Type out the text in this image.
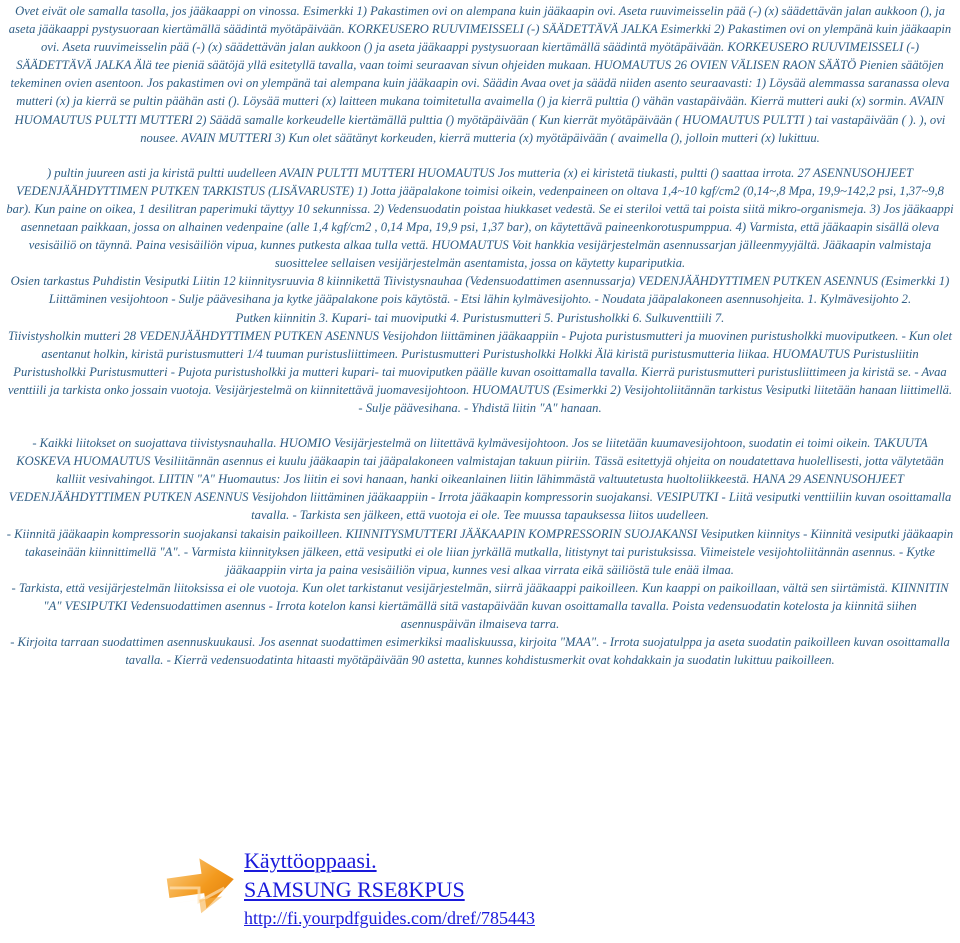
Ovet eivät ole samalla tasolla, jos jääkaappi on vinossa. Esimerkki 1) Pakastimen ovi on alempana kuin jääkaapin ovi. Aseta ruuvimeisselin pää (-) (x) säädettävän jalan aukkoon (), ja aseta jääkaappi pystysuoraan kiertämällä säädintä myötäpäivään. KORKEUSERO RUUVIMEISSELI (-) SÄÄDETTÄVÄ JALKA Esimerkki 2) Pakastimen ovi on ylempänä kuin jääkaapin ovi. Aseta ruuvimeisselin pää (-) (x) säädettävän jalan aukkoon () ja aseta jääkaappi pystysuoraan kiertämällä säädintä myötäpäivään. KORKEUSERO RUUVIMEISSELI (-) SÄÄDETTÄVÄ JALKA Älä tee pieniä säätöjä yllä esitetyllä tavalla, vaan toimi seuraavan sivun ohjeiden mukaan. HUOMAUTUS 26 OVIEN VÄLISEN RAON SÄÄTÖ Pienien säätöjen tekeminen ovien asentoon. Jos pakastimen ovi on ylempänä tai alempana kuin jääkaapin ovi. Säädin Avaa ovet ja säädä niiden asento seuraavasti: 1) Löysää alemmassa saranassa oleva mutteri (x) ja kierrä se pultin päähän asti (). Löysää mutteri (x) laitteen mukana toimitetulla avaimella () ja kierrä pulttia () vähän vastapäivään. Kierrä mutteri auki (x) sormin. AVAIN HUOMAUTUS PULTTI MUTTERI 2) Säädä samalle korkeudelle kiertämällä pulttia () myötäpäivään ( Kun kierrät myötäpäivään ( HUOMAUTUS PULTTI ) tai vastapäivään ( ). ), ovi nousee. AVAIN MUTTERI 3) Kun olet säätänyt korkeuden, kierrä mutteria (x) myötäpäivään ( avaimella (), jolloin mutteri (x) lukittuu.

) pultin juureen asti ja kiristä pultti uudelleen AVAIN PULTTI MUTTERI HUOMAUTUS Jos mutteria (x) ei kiristetä tiukasti, pultti () saattaa irrota. 27 ASENNUSOHJEET VEDENJÄÄHDYTTIMEN PUTKEN TARKISTUS (LISÄVARUSTE) 1) Jotta jääpalakone toimisi oikein, vedenpaineen on oltava 1,4~10 kgf/cm2 (0,14~,8 Mpa, 19,9~142,2 psi, 1,37~9,8 bar). Kun paine on oikea, 1 desilitran paperimuki täyttyy 10 sekunnissa. 2) Vedensuodatin poistaa hiukkaset vedestä. Se ei steriloi vettä tai poista siitä mikro-organismeja. 3) Jos jääkaappi asennetaan paikkaan, jossa on alhainen vedenpaine (alle 1,4 kgf/cm2 , 0,14 Mpa, 19,9 psi, 1,37 bar), on käytettävä paineenkorotuspumppua. 4) Varmista, että jääkaapin sisällä oleva vesisäiliö on täynnä. Paina vesisäiliön vipua, kunnes putkesta alkaa tulla vettä. HUOMAUTUS Voit hankkia vesijärjestelmän asennussarjan jälleenmyyjältä. Jääkaapin valmistaja suosittelee sellaisen vesijärjestelmän asentamista, jossa on käytetty kupariputkia.

Osien tarkastus Puhdistin Vesiputki Liitin 12 kiinnitysruuvia 8 kiinnikettä Tiivistysnauhaa (Vedensuodattimen asennussarja) VEDENJÄÄHDYTTIMEN PUTKEN ASENNUS (Esimerkki 1) Liittäminen vesijohtoon - Sulje päävesihana ja kytke jääpalakone pois käytöstä. - Etsi lähin kylmävesijohto. - Noudata jääpalakoneen asennusohjeita. 1. Kylmävesijohto 2.

Putken kiinnitin 3. Kupari- tai muoviputki 4. Puristusmutteri 5. Puristusholkki 6. Sulkuventtiili 7.

Tiivistysholkin mutteri 28 VEDENJÄÄHDYTTIMEN PUTKEN ASENNUS Vesijohdon liittäminen jääkaappiin - Pujota puristusmutteri ja muovinen puristusholkki muoviputkeen. - Kun olet asentanut holkin, kiristä puristusmutteri 1/4 tuuman puristusliittimeen. Puristusmutteri Puristusholkki Holkki Älä kiristä puristusmutteria liikaa. HUOMAUTUS Puristusliitin Puristusholkki Puristusmutteri - Pujota puristusholkki ja mutteri kupari- tai muoviputken päälle kuvan osoittamalla tavalla. Kierrä puristusmutteri puristusliittimeen ja kiristä se. - Avaa venttiili ja tarkista onko jossain vuotoja. Vesijärjestelmä on kiinnitettävä juomavesijohtoon. HUOMAUTUS (Esimerkki 2) Vesijohtoliitännän tarkistus Vesiputki liitetään hanaan liittimellä. - Sulje päävesihana. - Yhdistä liitin "A" hanaan.

- Kaikki liitokset on suojattava tiivistysnauhalla. HUOMIO Vesijärjestelmä on liitettävä kylmävesijohtoon. Jos se liitetään kuumavesijohtoon, suodatin ei toimi oikein. TAKUUTA KOSKEVA HUOMAUTUS Vesiliitännän asennus ei kuulu jääkaapin tai jääpalakoneen valmistajan takuun piiriin. Tässä esitettyjä ohjeita on noudatettava huolellisesti, jotta välytetään kalliit vesivahingot. LIITIN "A" Huomautus: Jos liitin ei sovi hanaan, hanki oikeanlainen liitin lähimmästä valtuutetusta huoltoliikkeestä. HANA 29 ASENNUSOHJEET VEDENJÄÄHDYTTIMEN PUTKEN ASENNUS Vesijohdon liittäminen jääkaappiin - Irrota jääkaapin kompressorin suojakansi. VESIPUTKI - Liitä vesiputki venttiiliin kuvan osoittamalla tavalla. - Tarkista sen jälkeen, että vuotoja ei ole. Tee muussa tapauksessa liitos uudelleen.

- Kiinnitä jääkaapin kompressorin suojakansi takaisin paikoilleen. KIINNITYSMUTTERI JÄÄKAAPIN KOMPRESSORIN SUOJAKANSI Vesiputken kiinnitys - Kiinnitä vesiputki jääkaapin takaseinään kiinnittimellä "A". - Varmista kiinnityksen jälkeen, että vesiputki ei ole liian jyrkällä mutkalla, litistynyt tai puristuksissa. Viimeistele vesijohtoliitännän asennus. - Kytke jääkaappiin virta ja paina vesisäiliön vipua, kunnes vesi alkaa virrata eikä säiliöstä tule enää ilmaa.

- Tarkista, että vesijärjestelmän liitoksissa ei ole vuotoja. Kun olet tarkistanut vesijärjestelmän, siirrä jääkaappi paikoilleen. Kun kaappi on paikoillaan, vältä sen siirtämistä. KIINNITIN "A" VESIPUTKI Vedensuodattimen asennus - Irrota kotelon kansi kiertämällä sitä vastapäivään kuvan osoittamalla tavalla. Poista vedensuodatin kotelosta ja kiinnitä siihen asennuspäivän ilmaiseva tarra.

- Kirjoita tarraan suodattimen asennuskuukausi. Jos asennat suodattimen esimerkiksi maaliskuussa, kirjoita "MAA". - Irrota suojatulppa ja aseta suodatin paikoilleen kuvan osoittamalla tavalla. - Kierrä vedensuodatinta hitaasti myötäpäivään 90 astetta, kunnes kohdistusmerkit ovat kohdakkain ja suodatin lukittuu paikoilleen.

Käyttöoppaasi.
SAMSUNG RSE8KPUS
http://fi.yourpdfguides.com/dref/785443
